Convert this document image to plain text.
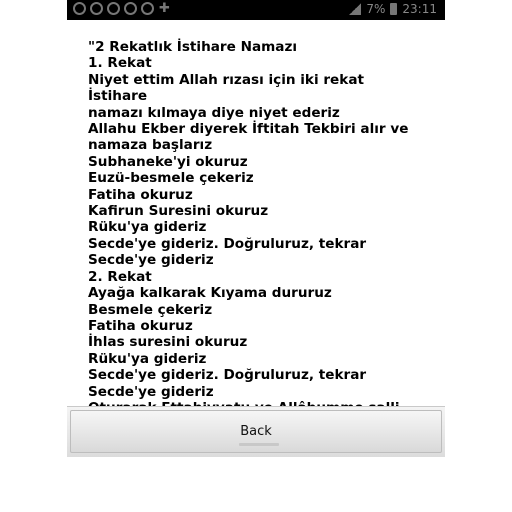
✚	7% 23:11
"2 Rekatlık İstihare Namazı
1. Rekat
Niyet ettim Allah rızası için iki rekat İstihare
namazı kılmaya diye niyet ederiz
Allahu Ekber diyerek İftitah Tekbiri alır ve
namaza başlarız
Subhaneke'yi okuruz
Euzü-besmele çekeriz
Fatiha okuruz
Kafirun Suresini okuruz
Rüku'ya gideriz
Secde'ye gideriz. Doğruluruz, tekrar
Secde'ye gideriz
2. Rekat
Ayağa kalkarak Kıyama dururuz
Besmele çekeriz
Fatiha okuruz
İhlas suresini okuruz
Rüku'ya gideriz
Secde'ye gideriz. Doğruluruz, tekrar
Secde'ye gideriz
Back
